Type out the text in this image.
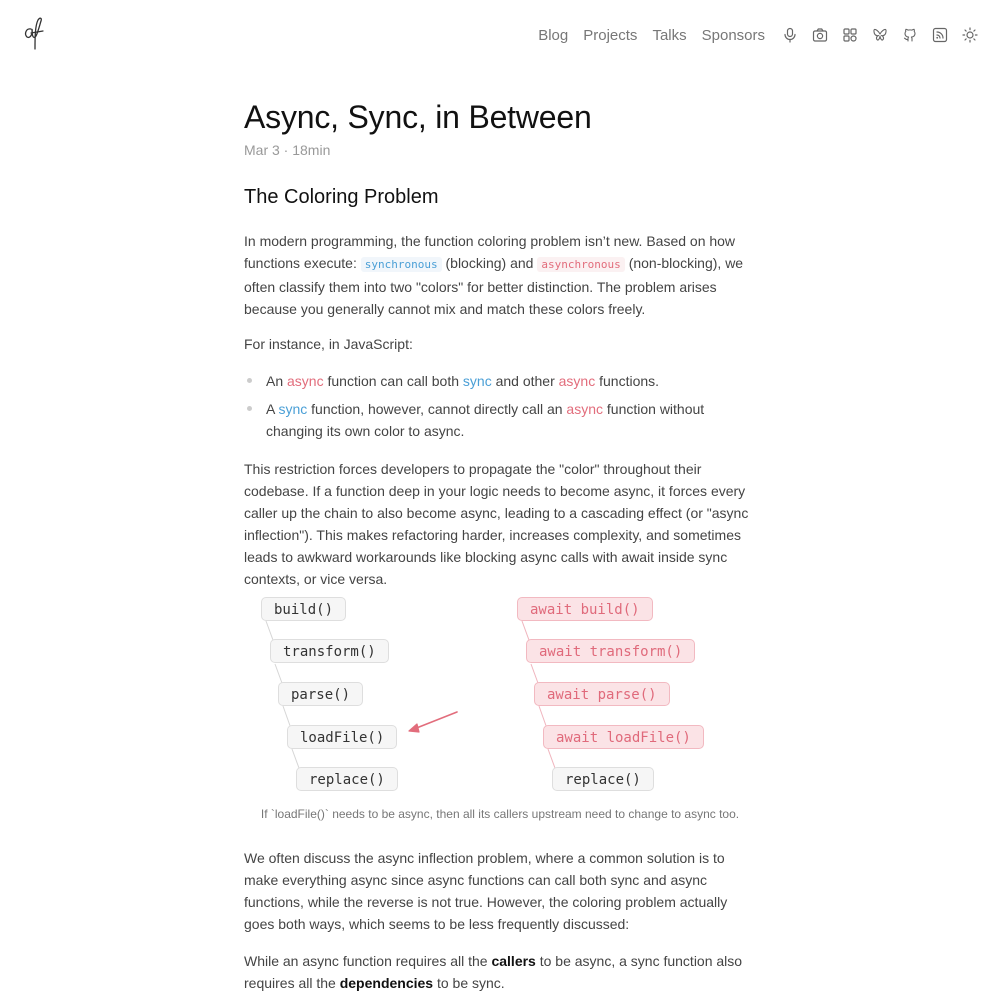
Blog Projects Talks Sponsors
Async, Sync, in Between
Mar 3 · 18min
The Coloring Problem

In modern programming, the function coloring problem isn’t new. Based on how functions execute: synchronous (blocking) and asynchronous (non-blocking), we often classify them into two "colors" for better distinction. The problem arises because you generally cannot mix and match these colors freely.

For instance, in JavaScript:

An async function can call both sync and other async functions.
A sync function, however, cannot directly call an async function without changing its own color to async.

This restriction forces developers to propagate the "color" throughout their codebase. If a function deep in your logic needs to become async, it forces every caller up the chain to also become async, leading to a cascading effect (or "async inflection"). This makes refactoring harder, increases complexity, and sometimes leads to awkward workarounds like blocking async calls with await inside sync contexts, or vice versa.

We often discuss the async inflection problem, where a common solution is to make everything async since async functions can call both sync and async functions, while the reverse is not true. However, the coloring problem actually goes both ways, which seems to be less frequently discussed:

While an async function requires all the callers to be async, a sync function also requires all the dependencies to be sync.

build()
transform()
parse()
loadFile()
replace()
await build()
await transform()
await parse()
await loadFile()
replace()
If `loadFile()` needs to be async, then all its callers upstream need to change to async too.
